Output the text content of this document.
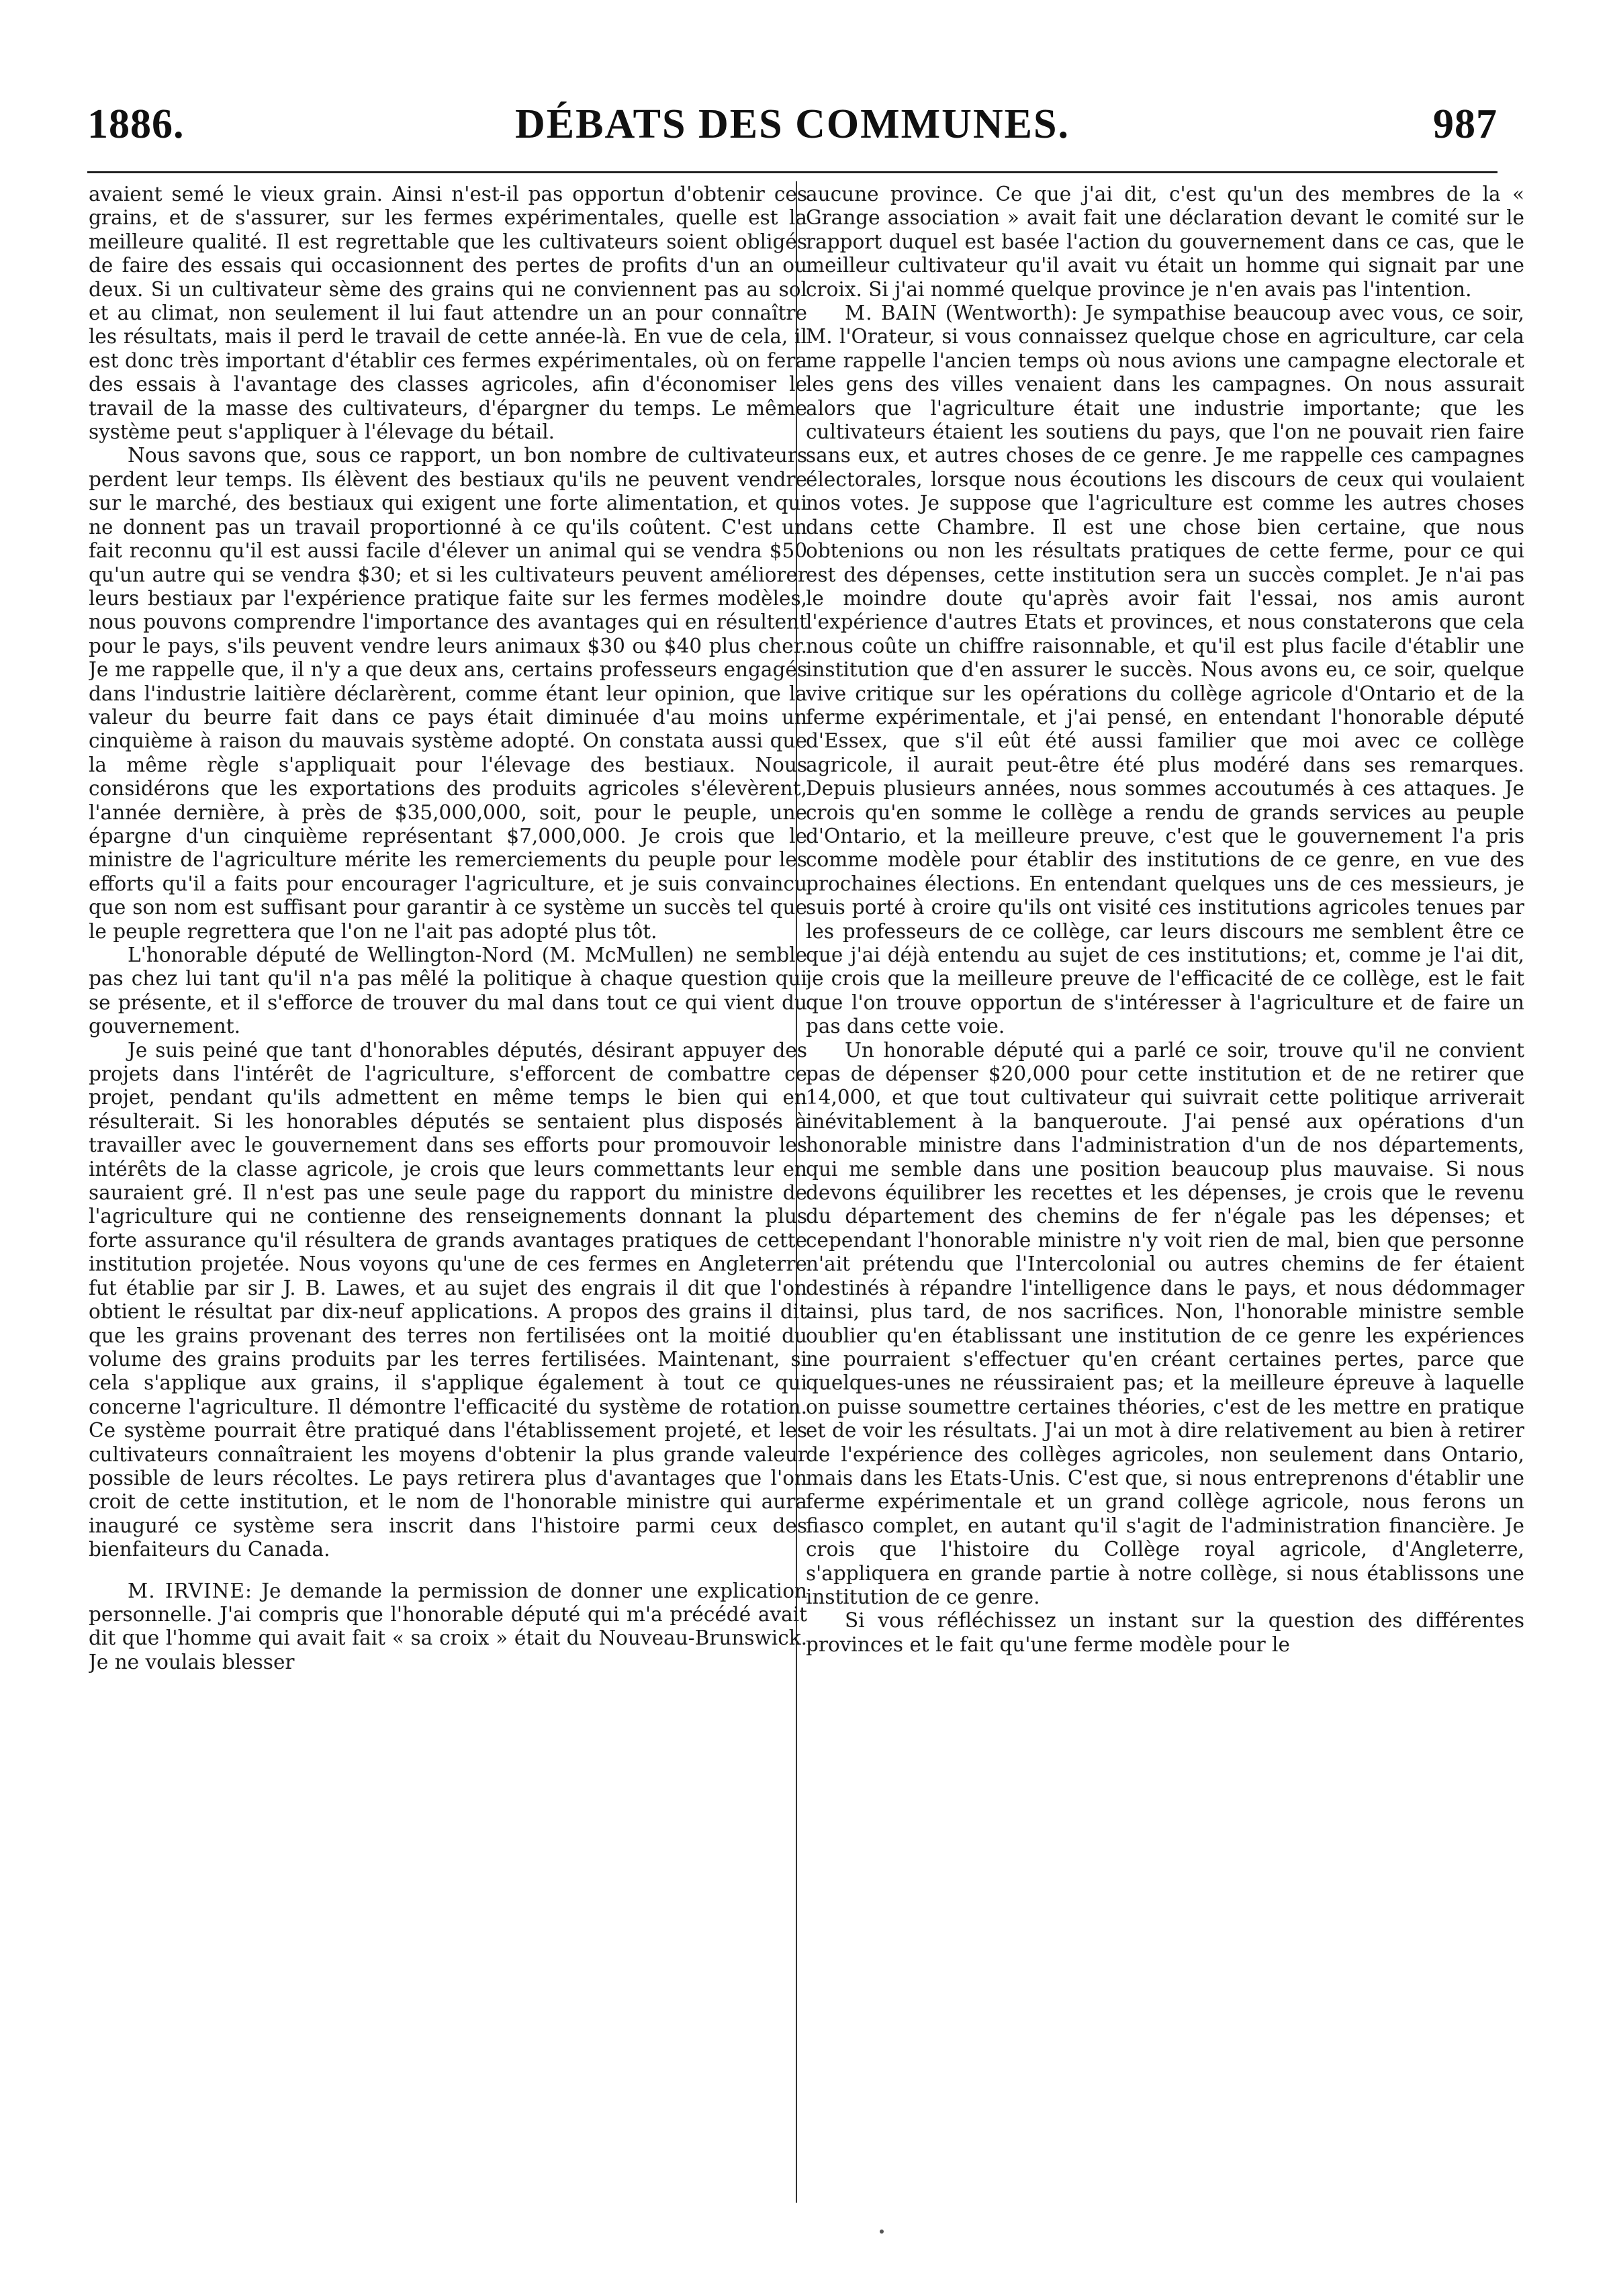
1886.	DÉBATS DES COMMUNES.	987

avaient semé le vieux grain. Ainsi n'est-il pas opportun d'obtenir ces grains, et de s'assurer, sur les fermes expérimentales, quelle est la meilleure qualité. Il est regrettable que les cultivateurs soient obligés de faire des essais qui occasionnent des pertes de profits d'un an ou deux. Si un cultivateur sème des grains qui ne conviennent pas au sol et au climat, non seulement il lui faut attendre un an pour connaître les résultats, mais il perd le travail de cette année-là. En vue de cela, il est donc très important d'établir ces fermes expérimentales, où on fera des essais à l'avantage des classes agricoles, afin d'économiser le travail de la masse des cultivateurs, d'épargner du temps. Le même système peut s'appliquer à l'élevage du bétail.

Nous savons que, sous ce rapport, un bon nombre de cultivateurs perdent leur temps. Ils élèvent des bestiaux qu'ils ne peuvent vendre sur le marché, des bestiaux qui exigent une forte alimentation, et qui ne donnent pas un travail proportionné à ce qu'ils coûtent. C'est un fait reconnu qu'il est aussi facile d'élever un animal qui se vendra $50 qu'un autre qui se vendra $30; et si les cultivateurs peuvent améliorer leurs bestiaux par l'expérience pratique faite sur les fermes modèles, nous pouvons comprendre l'importance des avantages qui en résultent pour le pays, s'ils peuvent vendre leurs animaux $30 ou $40 plus cher. Je me rappelle que, il n'y a que deux ans, certains professeurs engagés dans l'industrie laitière déclarèrent, comme étant leur opinion, que la valeur du beurre fait dans ce pays était diminuée d'au moins un cinquième à raison du mauvais système adopté. On constata aussi que la même règle s'appliquait pour l'élevage des bestiaux. Nous considérons que les exportations des produits agricoles s'élevèrent, l'année dernière, à près de $35,000,000, soit, pour le peuple, une épargne d'un cinquième représentant $7,000,000. Je crois que le ministre de l'agriculture mérite les remerciements du peuple pour les efforts qu'il a faits pour encourager l'agriculture, et je suis convaincu que son nom est suffisant pour garantir à ce système un succès tel que le peuple regrettera que l'on ne l'ait pas adopté plus tôt.

L'honorable député de Wellington-Nord (M. McMullen) ne semble pas chez lui tant qu'il n'a pas mêlé la politique à chaque question qui se présente, et il s'efforce de trouver du mal dans tout ce qui vient du gouvernement.

Je suis peiné que tant d'honorables députés, désirant appuyer des projets dans l'intérêt de l'agriculture, s'efforcent de combattre ce projet, pendant qu'ils admettent en même temps le bien qui en résulterait. Si les honorables députés se sentaient plus disposés à travailler avec le gouvernement dans ses efforts pour promouvoir les intérêts de la classe agricole, je crois que leurs commettants leur en sauraient gré. Il n'est pas une seule page du rapport du ministre de l'agriculture qui ne contienne des renseignements donnant la plus forte assurance qu'il résultera de grands avantages pratiques de cette institution projetée. Nous voyons qu'une de ces fermes en Angleterre fut établie par sir J. B. Lawes, et au sujet des engrais il dit que l'on obtient le résultat par dix-neuf applications. A propos des grains il dit que les grains provenant des terres non fertilisées ont la moitié du volume des grains produits par les terres fertilisées. Maintenant, si cela s'applique aux grains, il s'applique également à tout ce qui concerne l'agriculture. Il démontre l'efficacité du système de rotation. Ce système pourrait être pratiqué dans l'établissement projeté, et les cultivateurs connaîtraient les moyens d'obtenir la plus grande valeur possible de leurs récoltes. Le pays retirera plus d'avantages que l'on croit de cette institution, et le nom de l'honorable ministre qui aura inauguré ce système sera inscrit dans l'histoire parmi ceux des bienfaiteurs du Canada.

M. IRVINE: Je demande la permission de donner une explication personnelle. J'ai compris que l'honorable député qui m'a précédé avait dit que l'homme qui avait fait « sa croix » était du Nouveau-Brunswick. Je ne voulais blesser

aucune province. Ce que j'ai dit, c'est qu'un des membres de la « Grange association » avait fait une déclaration devant le comité sur le rapport duquel est basée l'action du gouvernement dans ce cas, que le meilleur cultivateur qu'il avait vu était un homme qui signait par une croix. Si j'ai nommé quelque province je n'en avais pas l'intention.

M. BAIN (Wentworth): Je sympathise beaucoup avec vous, ce soir, M. l'Orateur, si vous connaissez quelque chose en agriculture, car cela me rappelle l'ancien temps où nous avions une campagne electorale et les gens des villes venaient dans les campagnes. On nous assurait alors que l'agriculture était une industrie importante; que les cultivateurs étaient les soutiens du pays, que l'on ne pouvait rien faire sans eux, et autres choses de ce genre. Je me rappelle ces campagnes électorales, lorsque nous écoutions les discours de ceux qui voulaient nos votes. Je suppose que l'agriculture est comme les autres choses dans cette Chambre. Il est une chose bien certaine, que nous obtenions ou non les résultats pratiques de cette ferme, pour ce qui est des dépenses, cette institution sera un succès complet. Je n'ai pas le moindre doute qu'après avoir fait l'essai, nos amis auront l'expérience d'autres Etats et provinces, et nous constaterons que cela nous coûte un chiffre raisonnable, et qu'il est plus facile d'établir une institution que d'en assurer le succès. Nous avons eu, ce soir, quelque vive critique sur les opérations du collège agricole d'Ontario et de la ferme expérimentale, et j'ai pensé, en entendant l'honorable député d'Essex, que s'il eût été aussi familier que moi avec ce collège agricole, il aurait peut-être été plus modéré dans ses remarques. Depuis plusieurs années, nous sommes accoutumés à ces attaques. Je crois qu'en somme le collège a rendu de grands services au peuple d'Ontario, et la meilleure preuve, c'est que le gouvernement l'a pris comme modèle pour établir des institutions de ce genre, en vue des prochaines élections. En entendant quelques uns de ces messieurs, je suis porté à croire qu'ils ont visité ces institutions agricoles tenues par les professeurs de ce collège, car leurs discours me semblent être ce que j'ai déjà entendu au sujet de ces institutions; et, comme je l'ai dit, je crois que la meilleure preuve de l'efficacité de ce collège, est le fait que l'on trouve opportun de s'intéresser à l'agriculture et de faire un pas dans cette voie.

Un honorable député qui a parlé ce soir, trouve qu'il ne convient pas de dépenser $20,000 pour cette institution et de ne retirer que 14,000, et que tout cultivateur qui suivrait cette politique arriverait inévitablement à la banqueroute. J'ai pensé aux opérations d'un honorable ministre dans l'administration d'un de nos départements, qui me semble dans une position beaucoup plus mauvaise. Si nous devons équilibrer les recettes et les dépenses, je crois que le revenu du département des chemins de fer n'égale pas les dépenses; et cependant l'honorable ministre n'y voit rien de mal, bien que personne n'ait prétendu que l'Intercolonial ou autres chemins de fer étaient destinés à répandre l'intelligence dans le pays, et nous dédommager ainsi, plus tard, de nos sacrifices. Non, l'honorable ministre semble oublier qu'en établissant une institution de ce genre les expériences ne pourraient s'effectuer qu'en créant certaines pertes, parce que quelques-unes ne réussiraient pas; et la meilleure épreuve à laquelle on puisse soumettre certaines théories, c'est de les mettre en pratique et de voir les résultats. J'ai un mot à dire relativement au bien à retirer de l'expérience des collèges agricoles, non seulement dans Ontario, mais dans les Etats-Unis. C'est que, si nous entreprenons d'établir une ferme expérimentale et un grand collège agricole, nous ferons un fiasco complet, en autant qu'il s'agit de l'administration financière. Je crois que l'histoire du Collège royal agricole, d'Angleterre, s'appliquera en grande partie à notre collège, si nous établissons une institution de ce genre.

Si vous réfléchissez un instant sur la question des différentes provinces et le fait qu'une ferme modèle pour le
